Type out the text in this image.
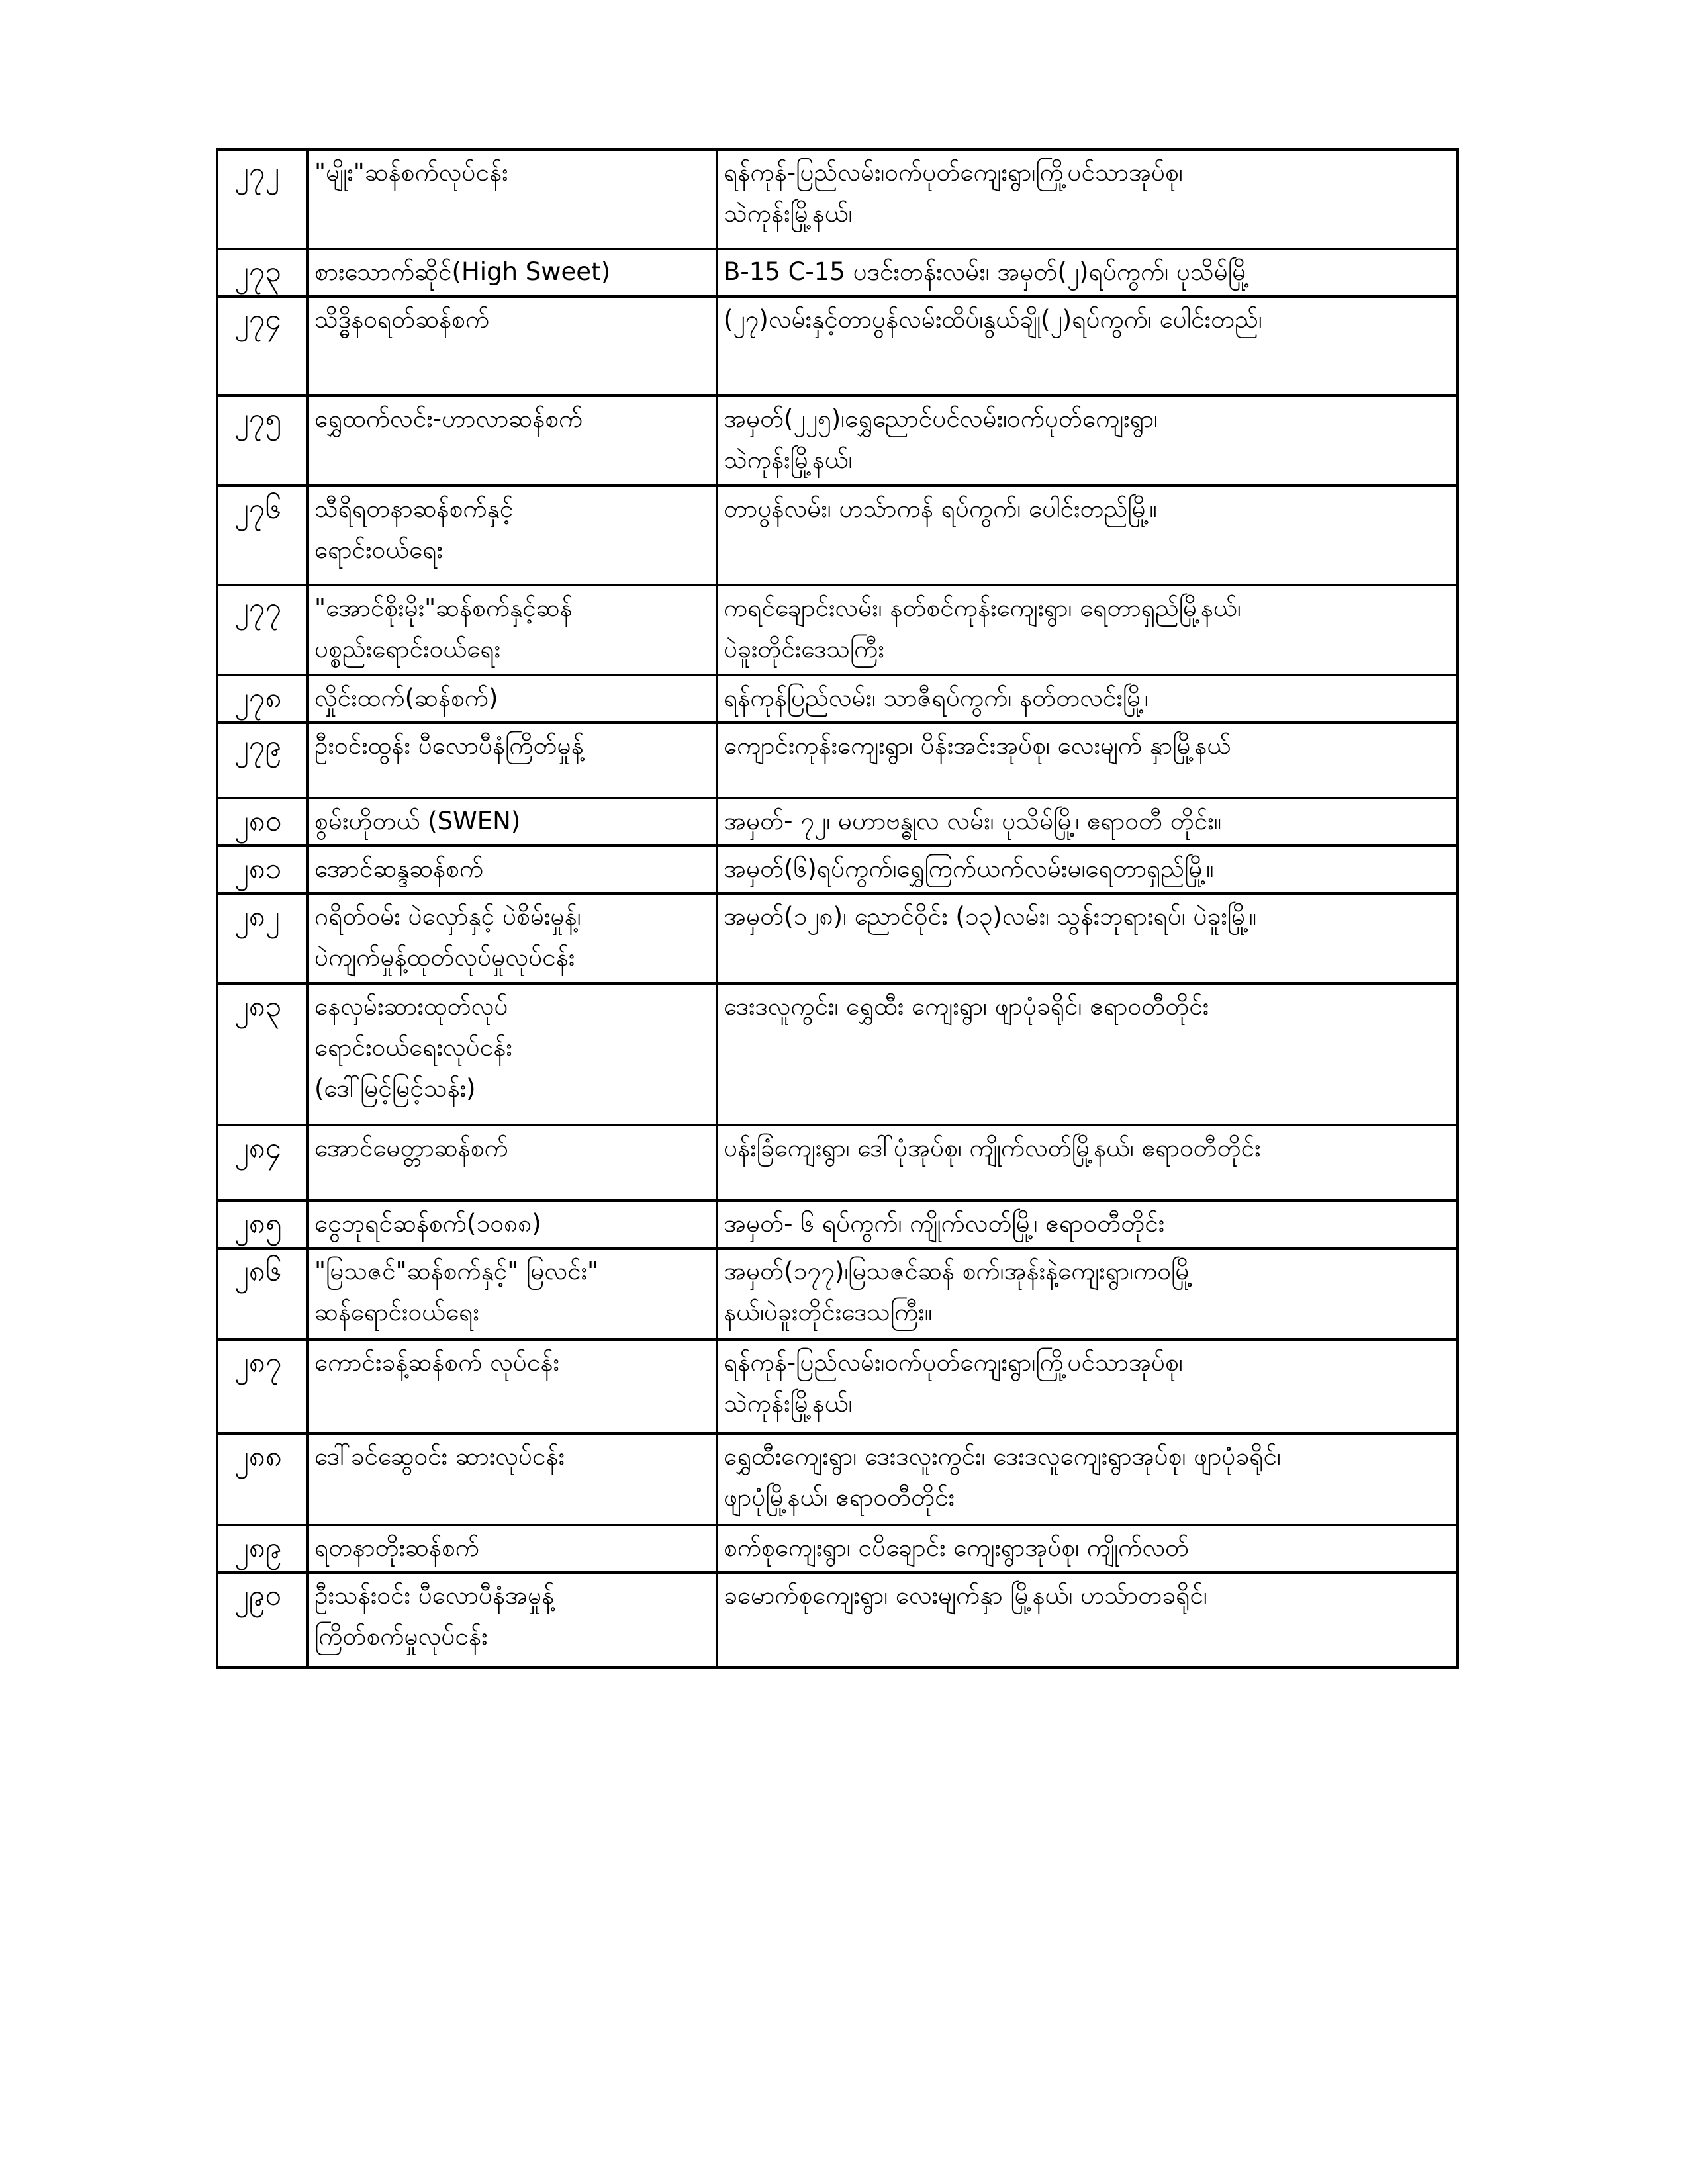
၂၇၂	"မျိုး"ဆန်စက်လုပ်ငန်း	ရန်ကုန်-ပြည်လမ်း၊ဝက်ပုတ်ကျေးရွာ၊ကြို့ပင်သာအုပ်စု၊
သဲကုန်းမြို့နယ်၊
၂၇၃	စားသောက်ဆိုင်(High Sweet)	B-15 C-15 ပဒင်းတန်းလမ်း၊ အမှတ်(၂)ရပ်ကွက်၊ ပုသိမ်မြို့
၂၇၄	သိဒ္ဓိနဝရတ်ဆန်စက်	(၂၇)လမ်းနှင့်တာပွန်လမ်းထိပ်၊နွယ်ချို(၂)ရပ်ကွက်၊ ပေါင်းတည်၊
၂၇၅	ရွှေထက်လင်း-ဟာလာဆန်စက်	အမှတ်(၂၂၅)၊ရွှေညောင်ပင်လမ်း၊ဝက်ပုတ်ကျေးရွာ၊
သဲကုန်းမြို့နယ်၊
၂၇၆	သီရိရတနာဆန်စက်နှင့်
ရောင်းဝယ်ရေး	တာပွန်လမ်း၊ ဟသ်ာကန် ရပ်ကွက်၊ ပေါင်းတည်မြို့။
၂၇၇	"အောင်စိုးမိုး"ဆန်စက်နှင့်ဆန်
ပစ္စည်းရောင်းဝယ်ရေး	ကရင်ချောင်းလမ်း၊ နတ်စင်ကုန်းကျေးရွာ၊ ရေတာရှည်မြို့နယ်၊
ပဲခူးတိုင်းဒေသကြီး
၂၇၈	လှိုင်းထက်(ဆန်စက်)	ရန်ကုန်ပြည်လမ်း၊ သာဇီရပ်ကွက်၊ နတ်တလင်းမြို့၊
၂၇၉	ဦးဝင်းထွန်း ပီလောပီနံကြိတ်မှုန့်	ကျောင်းကုန်းကျေးရွာ၊ ပိန်းအင်းအုပ်စု၊ လေးမျက် နှာမြို့နယ်
၂၈၀	စွမ်းဟိုတယ် (SWEN)	အမှတ်- ၇၂၊ မဟာဗန္ဓုလ လမ်း၊ ပုသိမ်မြို့၊ ဧရာဝတီ တိုင်း။
၂၈၁	အောင်ဆန္ဒဆန်စက်	အမှတ်(၆)ရပ်ကွက်၊ရွှေကြက်ယက်လမ်းမ၊ရေတာရှည်မြို့။
၂၈၂	ဂရိတ်ဝမ်း ပဲလှော်နှင့် ပဲစိမ်းမှုန့်၊
ပဲကျက်မှုန့်ထုတ်လုပ်မှုလုပ်ငန်း	အမှတ်(၁၂၈)၊ ညောင်ဝိုင်း (၁၃)လမ်း၊ သွန်းဘုရားရပ်၊ ပဲခူးမြို့။
၂၈၃	နေလှမ်းဆားထုတ်လုပ်
ရောင်းဝယ်ရေးလုပ်ငန်း
(ဒေါ်မြင့်မြင့်သန်း)	ဒေးဒလူကွင်း၊ ရွှေထီး ကျေးရွာ၊ ဖျာပုံခရိုင်၊ ဧရာဝတီတိုင်း
၂၈၄	အောင်မေတ္တာဆန်စက်	ပန်းခြံကျေးရွာ၊ ဒေါ်ပုံအုပ်စု၊ ကျိုက်လတ်မြို့နယ်၊ ဧရာဝတီတိုင်း
၂၈၅	ငွေဘုရင်ဆန်စက်(၁၀၈၈)	အမှတ်- ၆ ရပ်ကွက်၊ ကျိုက်လတ်မြို့၊ ဧရာဝတီတိုင်း
၂၈၆	"မြသဇင်"ဆန်စက်နှင့်" မြလင်း"
ဆန်ရောင်းဝယ်ရေး	အမှတ်(၁၇၇)၊မြသဇင်ဆန် စက်၊အုန်းနဲ့ကျေးရွာ၊ကဝမြို့
နယ်၊ပဲခူးတိုင်းဒေသကြီး။
၂၈၇	ကောင်းခန့်ဆန်စက် လုပ်ငန်း	ရန်ကုန်-ပြည်လမ်း၊ဝက်ပုတ်ကျေးရွာ၊ကြို့ပင်သာအုပ်စု၊
သဲကုန်းမြို့နယ်၊
၂၈၈	ဒေါ်ခင်ဆွေဝင်း ဆားလုပ်ငန်း	ရွှေထီးကျေးရွာ၊ ဒေးဒလူးကွင်း၊ ဒေးဒလူကျေးရွာအုပ်စု၊ ဖျာပုံခရိုင်၊
ဖျာပုံမြို့နယ်၊ ဧရာဝတီတိုင်း
၂၈၉	ရတနာတိုးဆန်စက်	စက်စုကျေးရွာ၊ ငပိချောင်း ကျေးရွာအုပ်စု၊ ကျိုက်လတ်
၂၉၀	ဦးသန်းဝင်း ပီလောပီနံအမှုန့်
ကြိတ်စက်မှုလုပ်ငန်း	ခမောက်စုကျေးရွာ၊ လေးမျက်နှာ မြို့နယ်၊ ဟသ်ာတခရိုင်၊
